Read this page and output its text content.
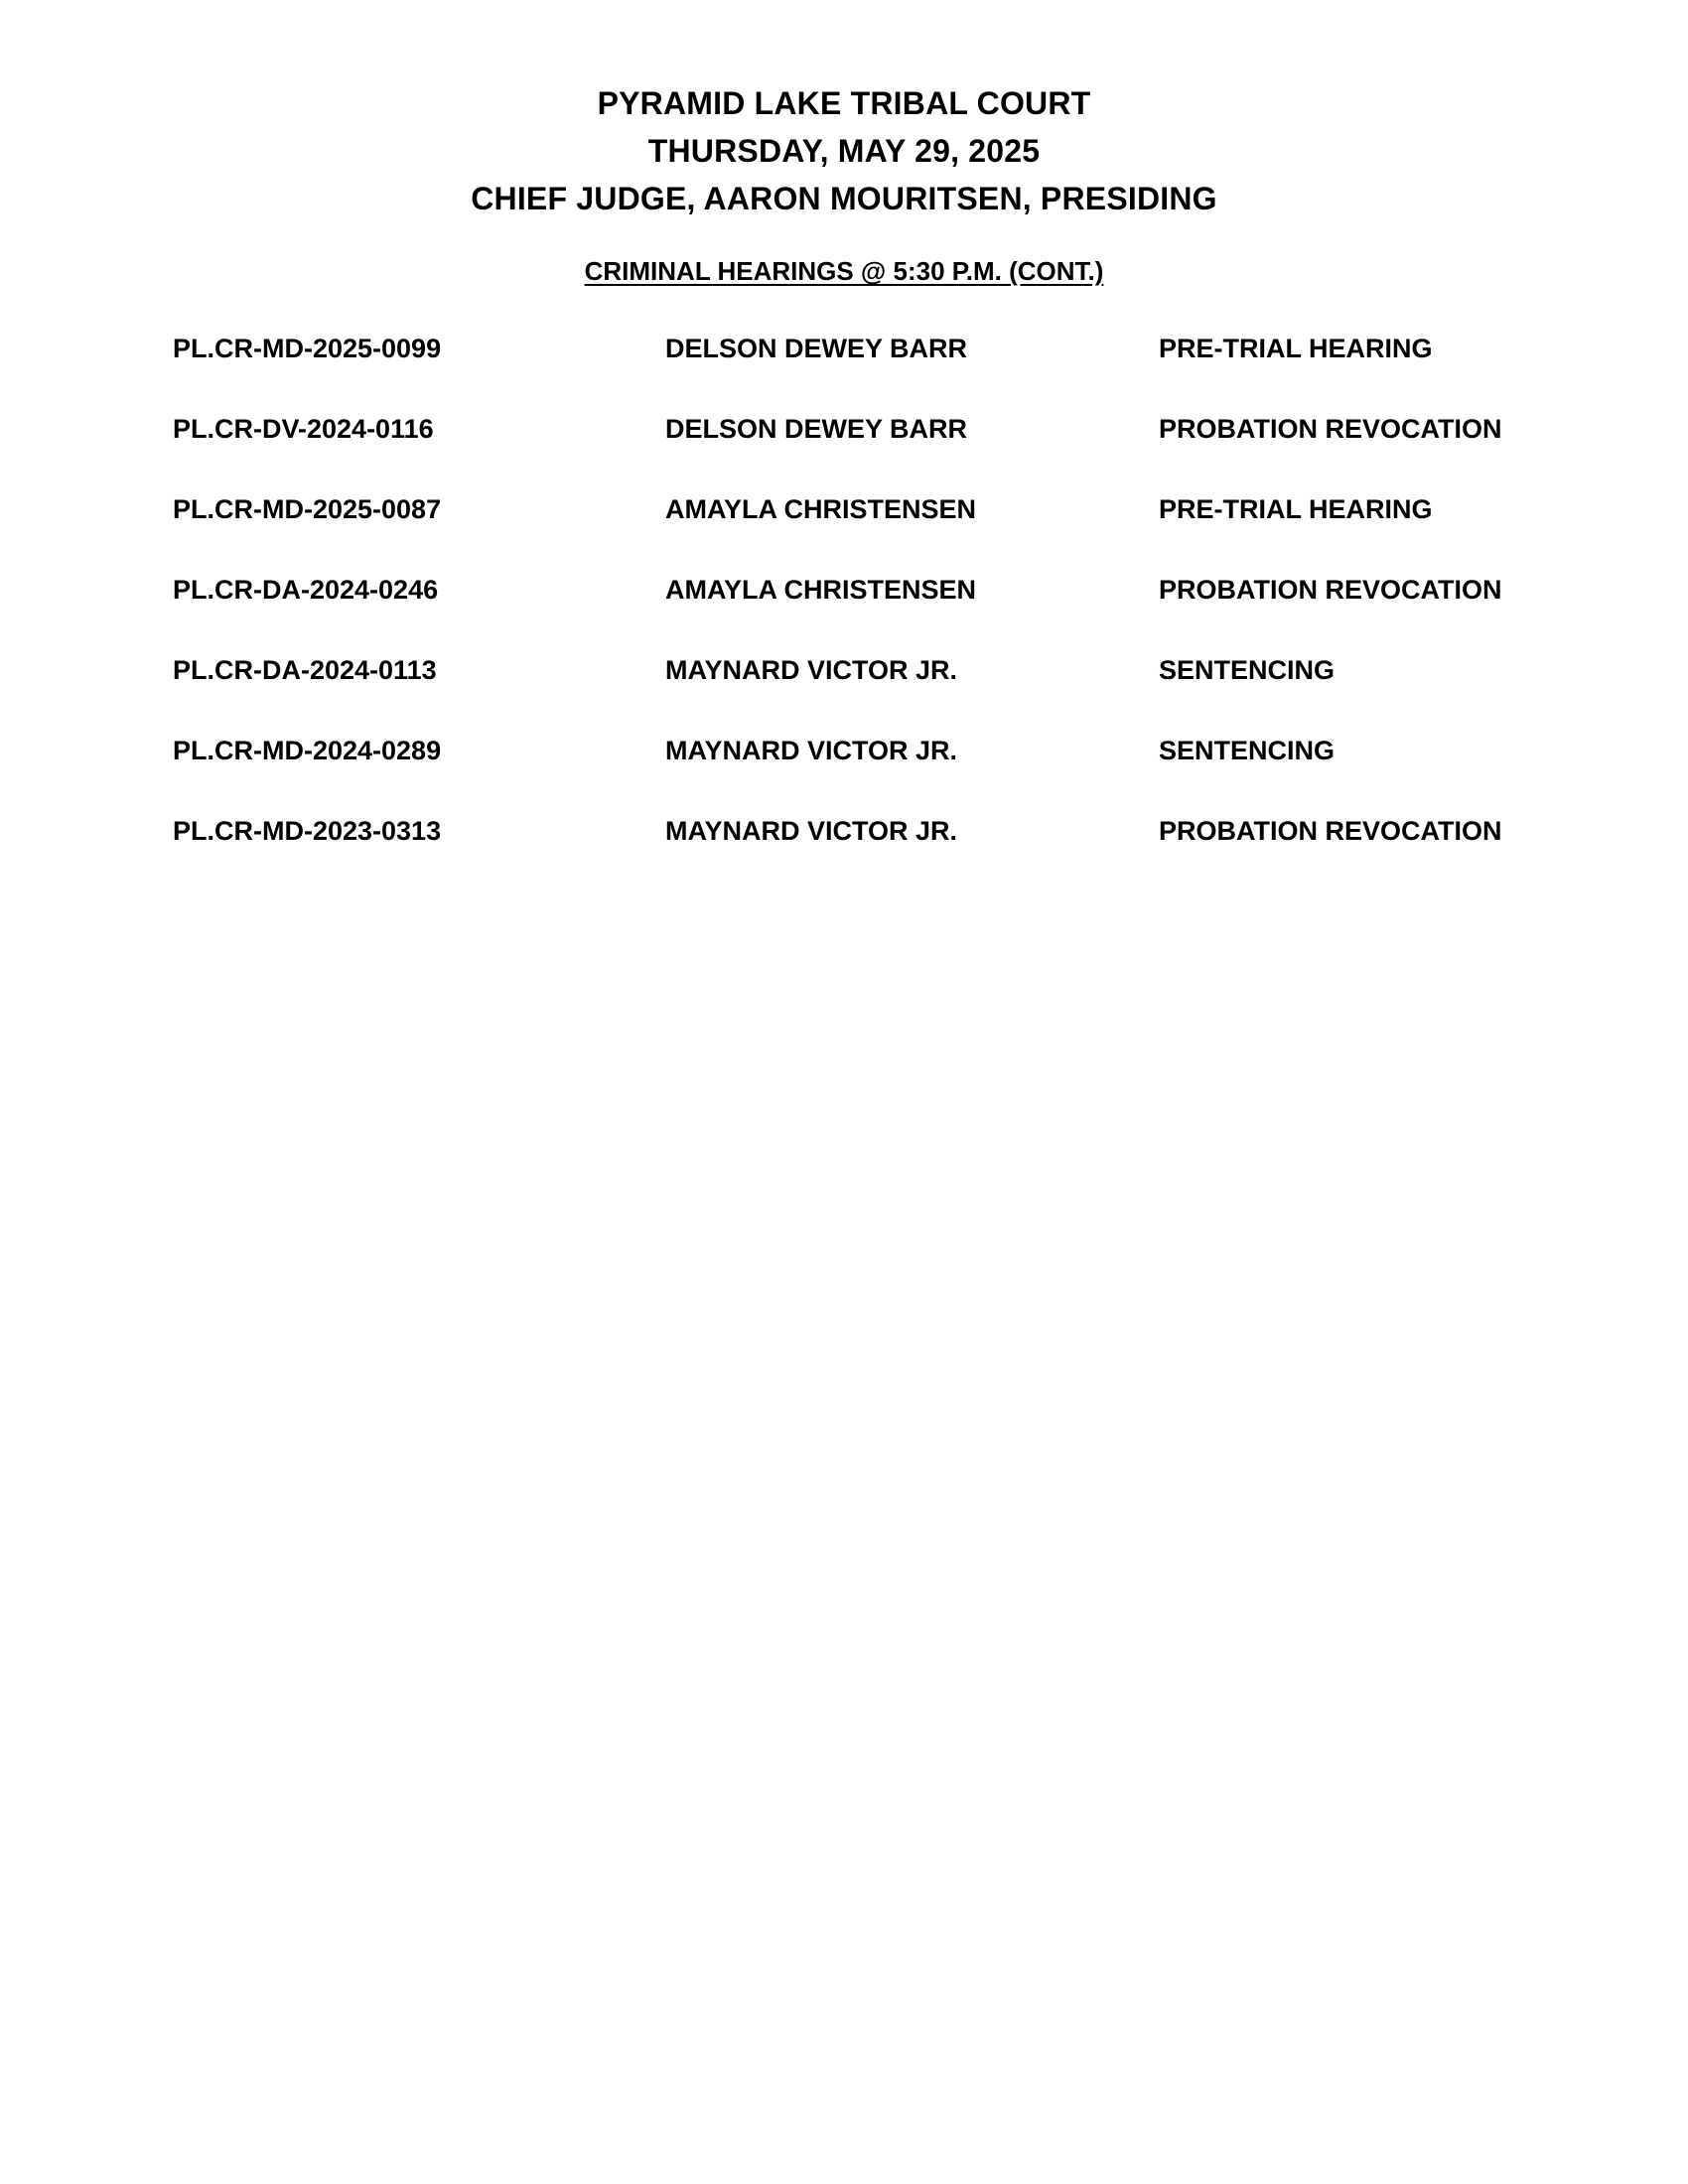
PYRAMID LAKE TRIBAL COURT
THURSDAY, MAY 29, 2025
CHIEF JUDGE, AARON MOURITSEN, PRESIDING
CRIMINAL HEARINGS @ 5:30 P.M. (CONT.)
PL.CR-MD-2025-0099	DELSON DEWEY BARR	PRE-TRIAL HEARING
PL.CR-DV-2024-0116	DELSON DEWEY BARR	PROBATION REVOCATION
PL.CR-MD-2025-0087	AMAYLA CHRISTENSEN	PRE-TRIAL HEARING
PL.CR-DA-2024-0246	AMAYLA CHRISTENSEN	PROBATION REVOCATION
PL.CR-DA-2024-0113	MAYNARD VICTOR JR.	SENTENCING
PL.CR-MD-2024-0289	MAYNARD VICTOR JR.	SENTENCING
PL.CR-MD-2023-0313	MAYNARD VICTOR JR.	PROBATION REVOCATION
